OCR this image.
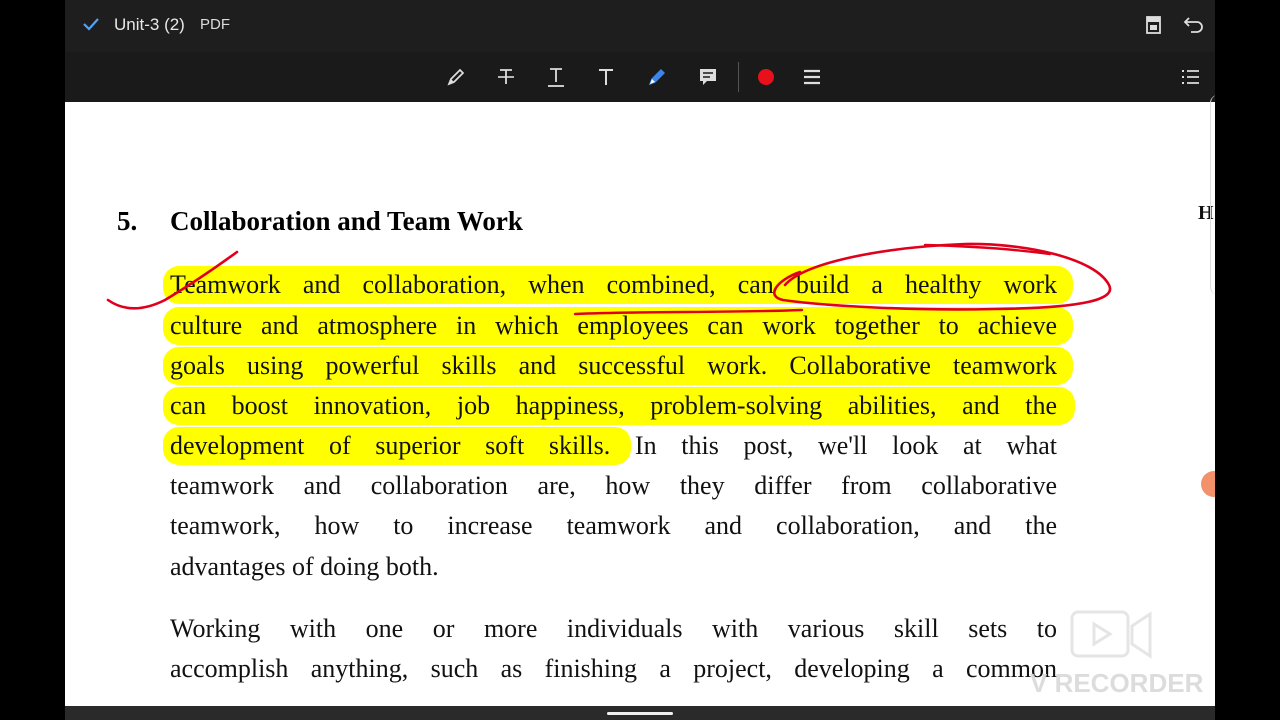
Unit-3 (2) PDF
5. Collaboration and Team Work
Teamwork and collaboration, when combined, can build a healthy work
culture and atmosphere in which employees can work together to achieve
goals using powerful skills and successful work. Collaborative teamwork
can boost innovation, job happiness, problem-solving abilities, and the
development of superior soft skills. In this post, we'll look at what
teamwork and collaboration are, how they differ from collaborative
teamwork, how to increase teamwork and collaboration, and the
advantages of doing both.
Working with one or more individuals with various skill sets to
accomplish anything, such as finishing a project, developing a common
H
V RECORDER
